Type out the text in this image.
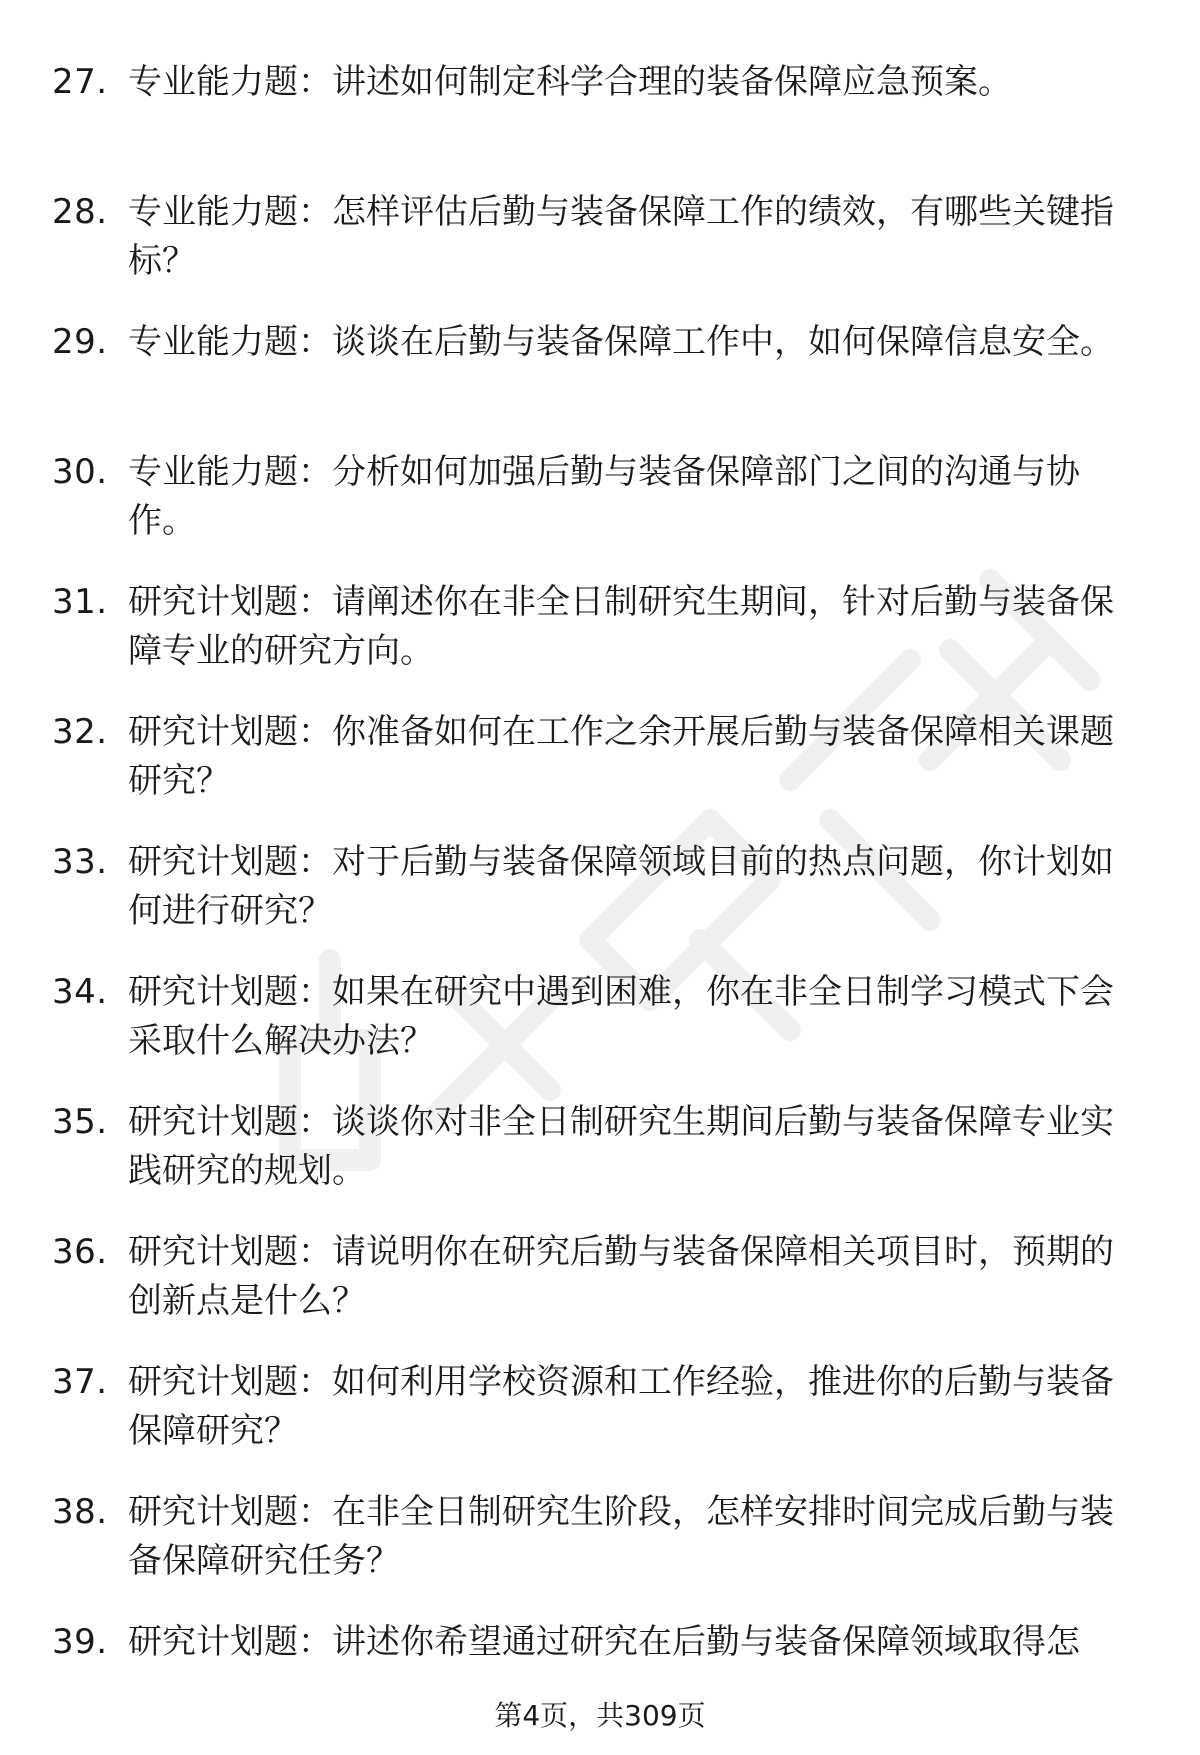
27. 专业能力题：讲述如何制定科学合理的装备保障应急预案。
28. 专业能力题：怎样评估后勤与装备保障工作的绩效，有哪些关键指标？
29. 专业能力题：谈谈在后勤与装备保障工作中，如何保障信息安全。
30. 专业能力题：分析如何加强后勤与装备保障部门之间的沟通与协作。
31. 研究计划题：请阐述你在非全日制研究生期间，针对后勤与装备保障专业的研究方向。
32. 研究计划题：你准备如何在工作之余开展后勤与装备保障相关课题研究？
33. 研究计划题：对于后勤与装备保障领域目前的热点问题，你计划如何进行研究？
34. 研究计划题：如果在研究中遇到困难，你在非全日制学习模式下会采取什么解决办法？
35. 研究计划题：谈谈你对非全日制研究生期间后勤与装备保障专业实践研究的规划。
36. 研究计划题：请说明你在研究后勤与装备保障相关项目时，预期的创新点是什么？
37. 研究计划题：如何利用学校资源和工作经验，推进你的后勤与装备保障研究？
38. 研究计划题：在非全日制研究生阶段，怎样安排时间完成后勤与装备保障研究任务？
39. 研究计划题：讲述你希望通过研究在后勤与装备保障领域取得怎
第4页，共309页
